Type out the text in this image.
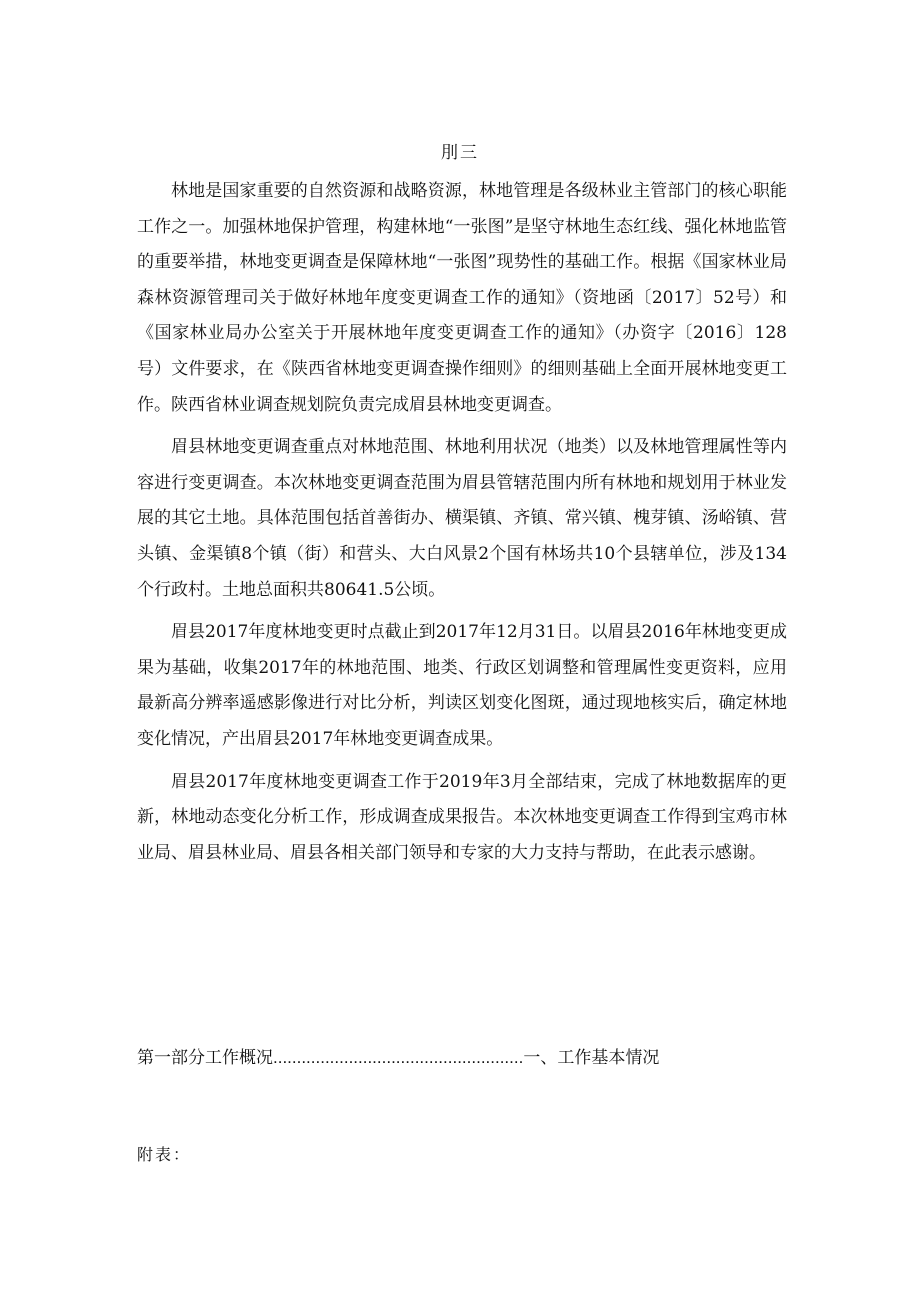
刖三

林地是国家重要的自然资源和战略资源，林地管理是各级林业主管部门的核心职能工作之一。加强林地保护管理，构建林地“一张图”是坚守林地生态红线、强化林地监管的重要举措，林地变更调查是保障林地“一张图”现势性的基础工作。根据《国家林业局森林资源管理司关于做好林地年度变更调查工作的通知》（资地函〔2017〕52号）和《国家林业局办公室关于开展林地年度变更调查工作的通知》（办资字〔2016〕128号）文件要求，在《陕西省林地变更调查操作细则》的细则基础上全面开展林地变更工作。陕西省林业调查规划院负责完成眉县林地变更调查。

眉县林地变更调查重点对林地范围、林地利用状况（地类）以及林地管理属性等内容进行变更调查。本次林地变更调查范围为眉县管辖范围内所有林地和规划用于林业发展的其它土地。具体范围包括首善街办、横渠镇、齐镇、常兴镇、槐芽镇、汤峪镇、营头镇、金渠镇8个镇（街）和营头、大白风景2个国有林场共10个县辖单位，涉及134个行政村。土地总面积共80641.5公顷。

眉县2017年度林地变更时点截止到2017年12月31日。以眉县2016年林地变更成果为基础，收集2017年的林地范围、地类、行政区划调整和管理属性变更资料，应用最新高分辨率遥感影像进行对比分析，判读区划变化图斑，通过现地核实后，确定林地变化情况，产出眉县2017年林地变更调查成果。

眉县2017年度林地变更调查工作于2019年3月全部结束，完成了林地数据库的更新，林地动态变化分析工作，形成调查成果报告。本次林地变更调查工作得到宝鸡市林业局、眉县林业局、眉县各相关部门领导和专家的大力支持与帮助，在此表示感谢。

第一部分工作概况.....................................................一、工作基本情况
附表：
